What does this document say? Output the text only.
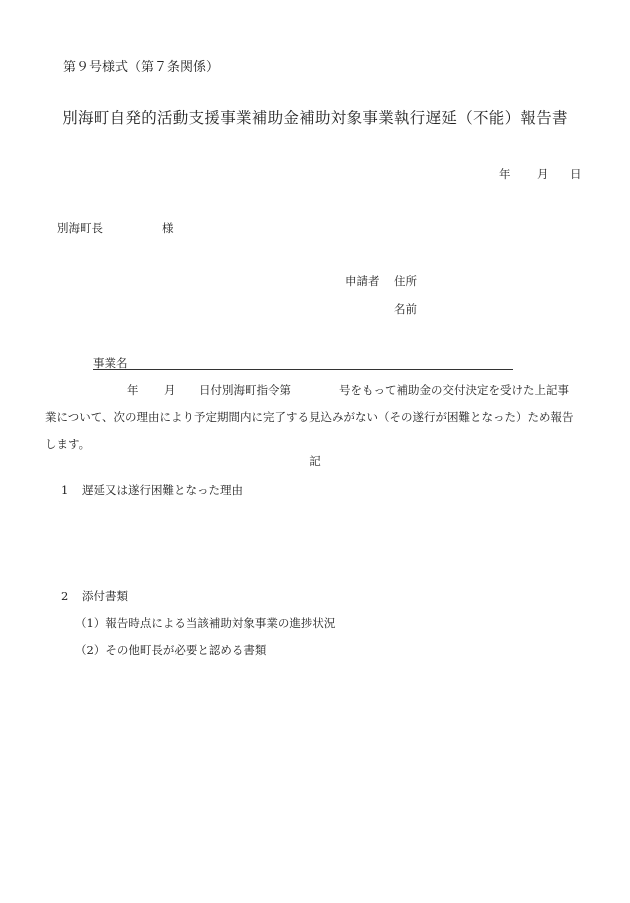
第９号様式（第７条関係）
別海町自発的活動支援事業補助金補助対象事業執行遅延（不能）報告書
年 月 日
別海町長	様
申請者 住所
名前
事業名
年 月 日付別海町指令第	号をもって補助金の交付決定を受けた上記事
業について、次の理由により予定期間内に完了する見込みがない（その遂行が困難となった）ため報告
します。
記
1 遅延又は遂行困難となった理由
2 添付書類
（1）報告時点による当該補助対象事業の進捗状況
（2）その他町長が必要と認める書類
